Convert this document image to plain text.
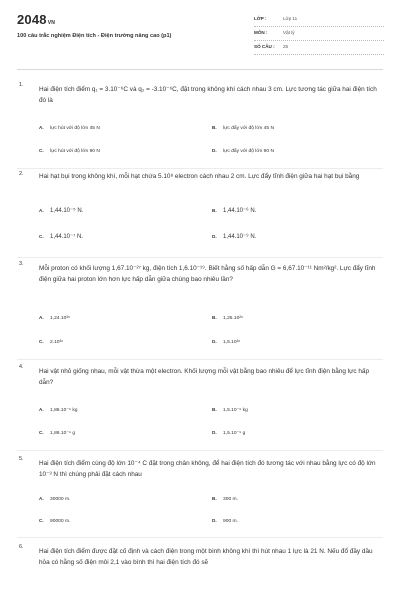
2048VN
100 câu trắc nghiệm Điện tích - Điện trường nâng cao (p1)
LỚP :	Lớp 11
MÔN :	Vật lý
SỐ CÂU : 25
1.
Hai điện tích điểm q₁ = 3.10⁻⁶C và q₂ = -3.10⁻⁶C, đặt trong không khí cách nhau 3 cm. Lực tương tác giữa hai điện tích đó là
A. lực hút với độ lớn 45 N	B. lực đẩy với độ lớn 45 N
C. lực hút với độ lớn 90 N	D. lực đẩy với độ lớn 90 N
2. Hai hạt bụi trong không khí, mỗi hạt chứa 5.10⁸ electron cách nhau 2 cm. Lực đẩy tĩnh điện giữa hai hạt bụi bằng
A. 1,44.10⁻⁵ N.	B. 1,44.10⁻⁶ N.
C. 1,44.10⁻⁷ N.	D. 1,44.10⁻⁹ N.
3.
Mỗi proton có khối lượng 1,67.10⁻²⁷ kg, điện tích 1,6.10⁻¹⁹. Biết hằng số hấp dẫn G = 6,67.10⁻¹¹ Nm²/kg². Lực đẩy tĩnh điện giữa hai proton lớn hơn lực hấp dẫn giữa chúng bao nhiêu lần?
A. 1,24.10³⁶	B. 1,25.10²⁶
C. 2.10³⁶	D. 1,5.10²⁶
4.
Hai vật nhỏ giống nhau, mỗi vật thừa một electron. Khối lượng mỗi vật bằng bao nhiêu để lực tĩnh điện bằng lực hấp dẫn?
A. 1,86.10⁻⁹ kg	B. 1,5.10⁻⁹ kg
C. 1,86.10⁻⁹ g	D. 1,5.10⁻⁹ g
5.
Hai điện tích điểm cùng độ lớn 10⁻⁴ C đặt trong chân không, để hai điện tích đó tương tác với nhau bằng lực có độ lớn 10⁻³ N thì chúng phải đặt cách nhau
A. 30000 m.	B. 300 m.
C. 90000 m.	D. 900 m.
6.
Hai điện tích điểm được đặt cố định và cách điện trong một bình không khí thì hút nhau 1 lực là 21 N. Nếu đổ đầy dầu hỏa có hằng số điện môi 2,1 vào bình thì hai điện tích đó sẽ
